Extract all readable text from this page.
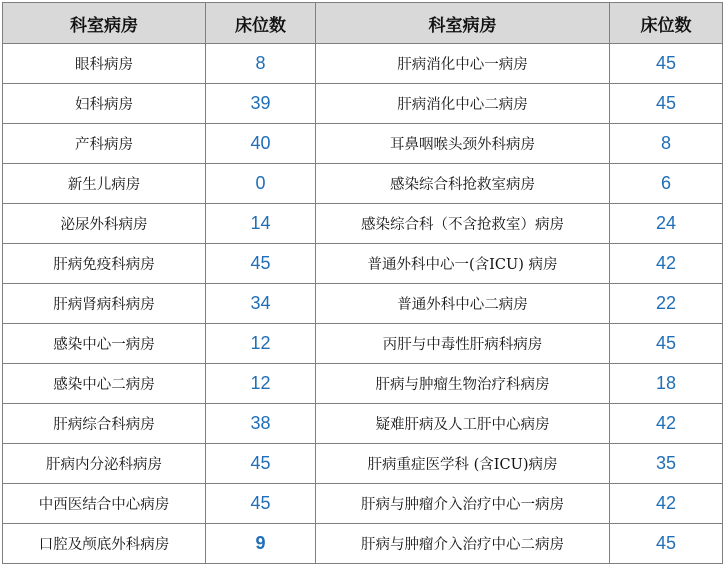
科室病房	床位数	科室病房	床位数
眼科病房	8	肝病消化中心一病房	45
妇科病房	39	肝病消化中心二病房	45
产科病房	40	耳鼻咽喉头颈外科病房	8
新生儿病房	0	感染综合科抢救室病房	6
泌尿外科病房	14	感染综合科（不含抢救室）病房	24
肝病免疫科病房	45	普通外科中心一(含ICU) 病房	42
肝病肾病科病房	34	普通外科中心二病房	22
感染中心一病房	12	丙肝与中毒性肝病科病房	45
感染中心二病房	12	肝病与肿瘤生物治疗科病房	18
肝病综合科病房	38	疑难肝病及人工肝中心病房	42
肝病内分泌科病房	45	肝病重症医学科 (含ICU)病房	35
中西医结合中心病房	45	肝病与肿瘤介入治疗中心一病房	42
口腔及颅底外科病房	9	肝病与肿瘤介入治疗中心二病房	45
